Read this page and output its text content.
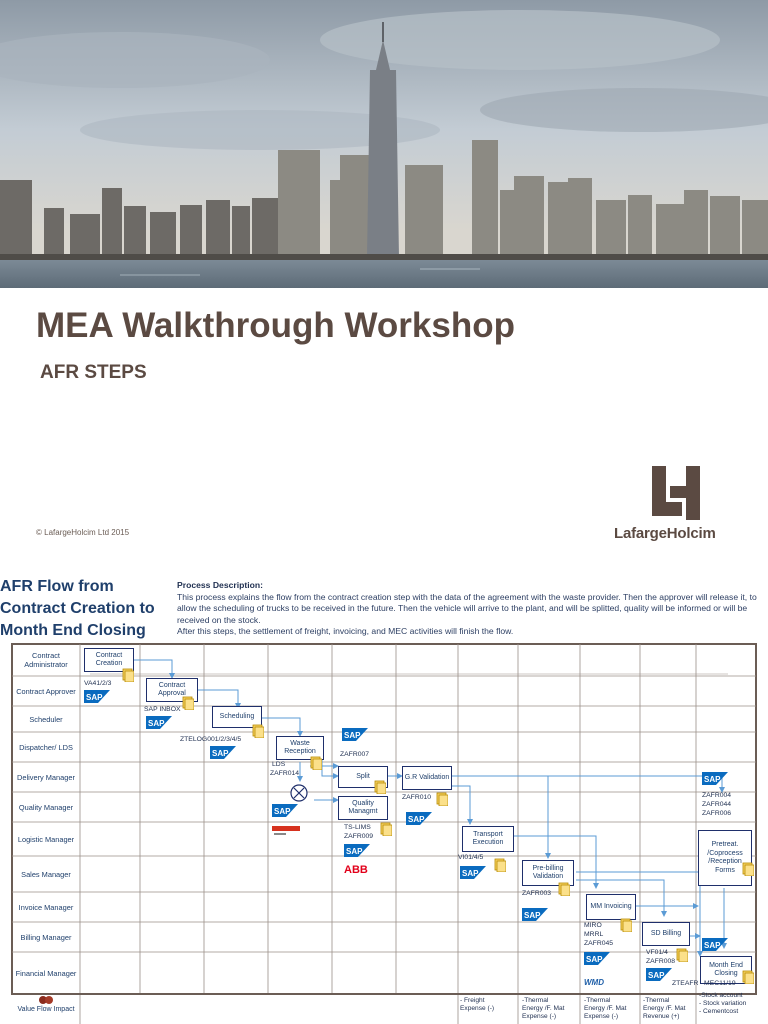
MEA Walkthrough Workshop
AFR STEPS
© LafargeHolcim Ltd 2015	LafargeHolcim
AFR Flow from
Contract Creation to
Month End Closing
Process Description:
This process explains the flow from the contract creation step with the data of the agreement with the waste provider. Then the approver will release it, to allow the scheduling of trucks to be received in the future. Then the vehicle will arrive to the plant, and will be splitted, quality will be informed or will be received on the stock.
After this steps, the settlement of freight, invoicing, and MEC activities will finish the flow.
Contract Administrator
Contract Approver
Scheduler
Dispatcher/ LDS
Delivery Manager
Quality Manager
Logistic Manager
Sales Manager
Invoice Manager
Billing Manager
Financial Manager
Contract Creation
Contract Approval
Scheduling
Waste Reception
Split	G.R Validation
Quality Managmt
Transport Execution
Pre-billing Validation
MM Invoicing
SD Billing
Pretreat. /Coprocess /Reception Forms
Month End Closing
VA41/2/3
SAP INBOX
ZTELOG001/2/3/4/5
LDS
ZAFR014
ZAFR007
ZAFR010
TS-LIMS
ZAFR009
VI01/4/5
ZAFR003
MIRO
MRRL
ZAFR045
VF01/4
ZAFR008
ZAFR004
ZAFR044
ZAFR006
ZTEAFR MEC11/19
SAP
SAP
SAP
SAP
SAP
SAP
SAP
SAP
SAP
SAP
SAP
SAP
SAP
ABB
WMD
Value Flow Impact
- Freight
Expense (-)
-Thermal
Energy /F. Mat
Expense (-)
-Thermal
Energy /F. Mat
Expense (-)
-Thermal
Energy /F. Mat
Revenue (+)
-Stock account
- Stock variation
- Cementcost
